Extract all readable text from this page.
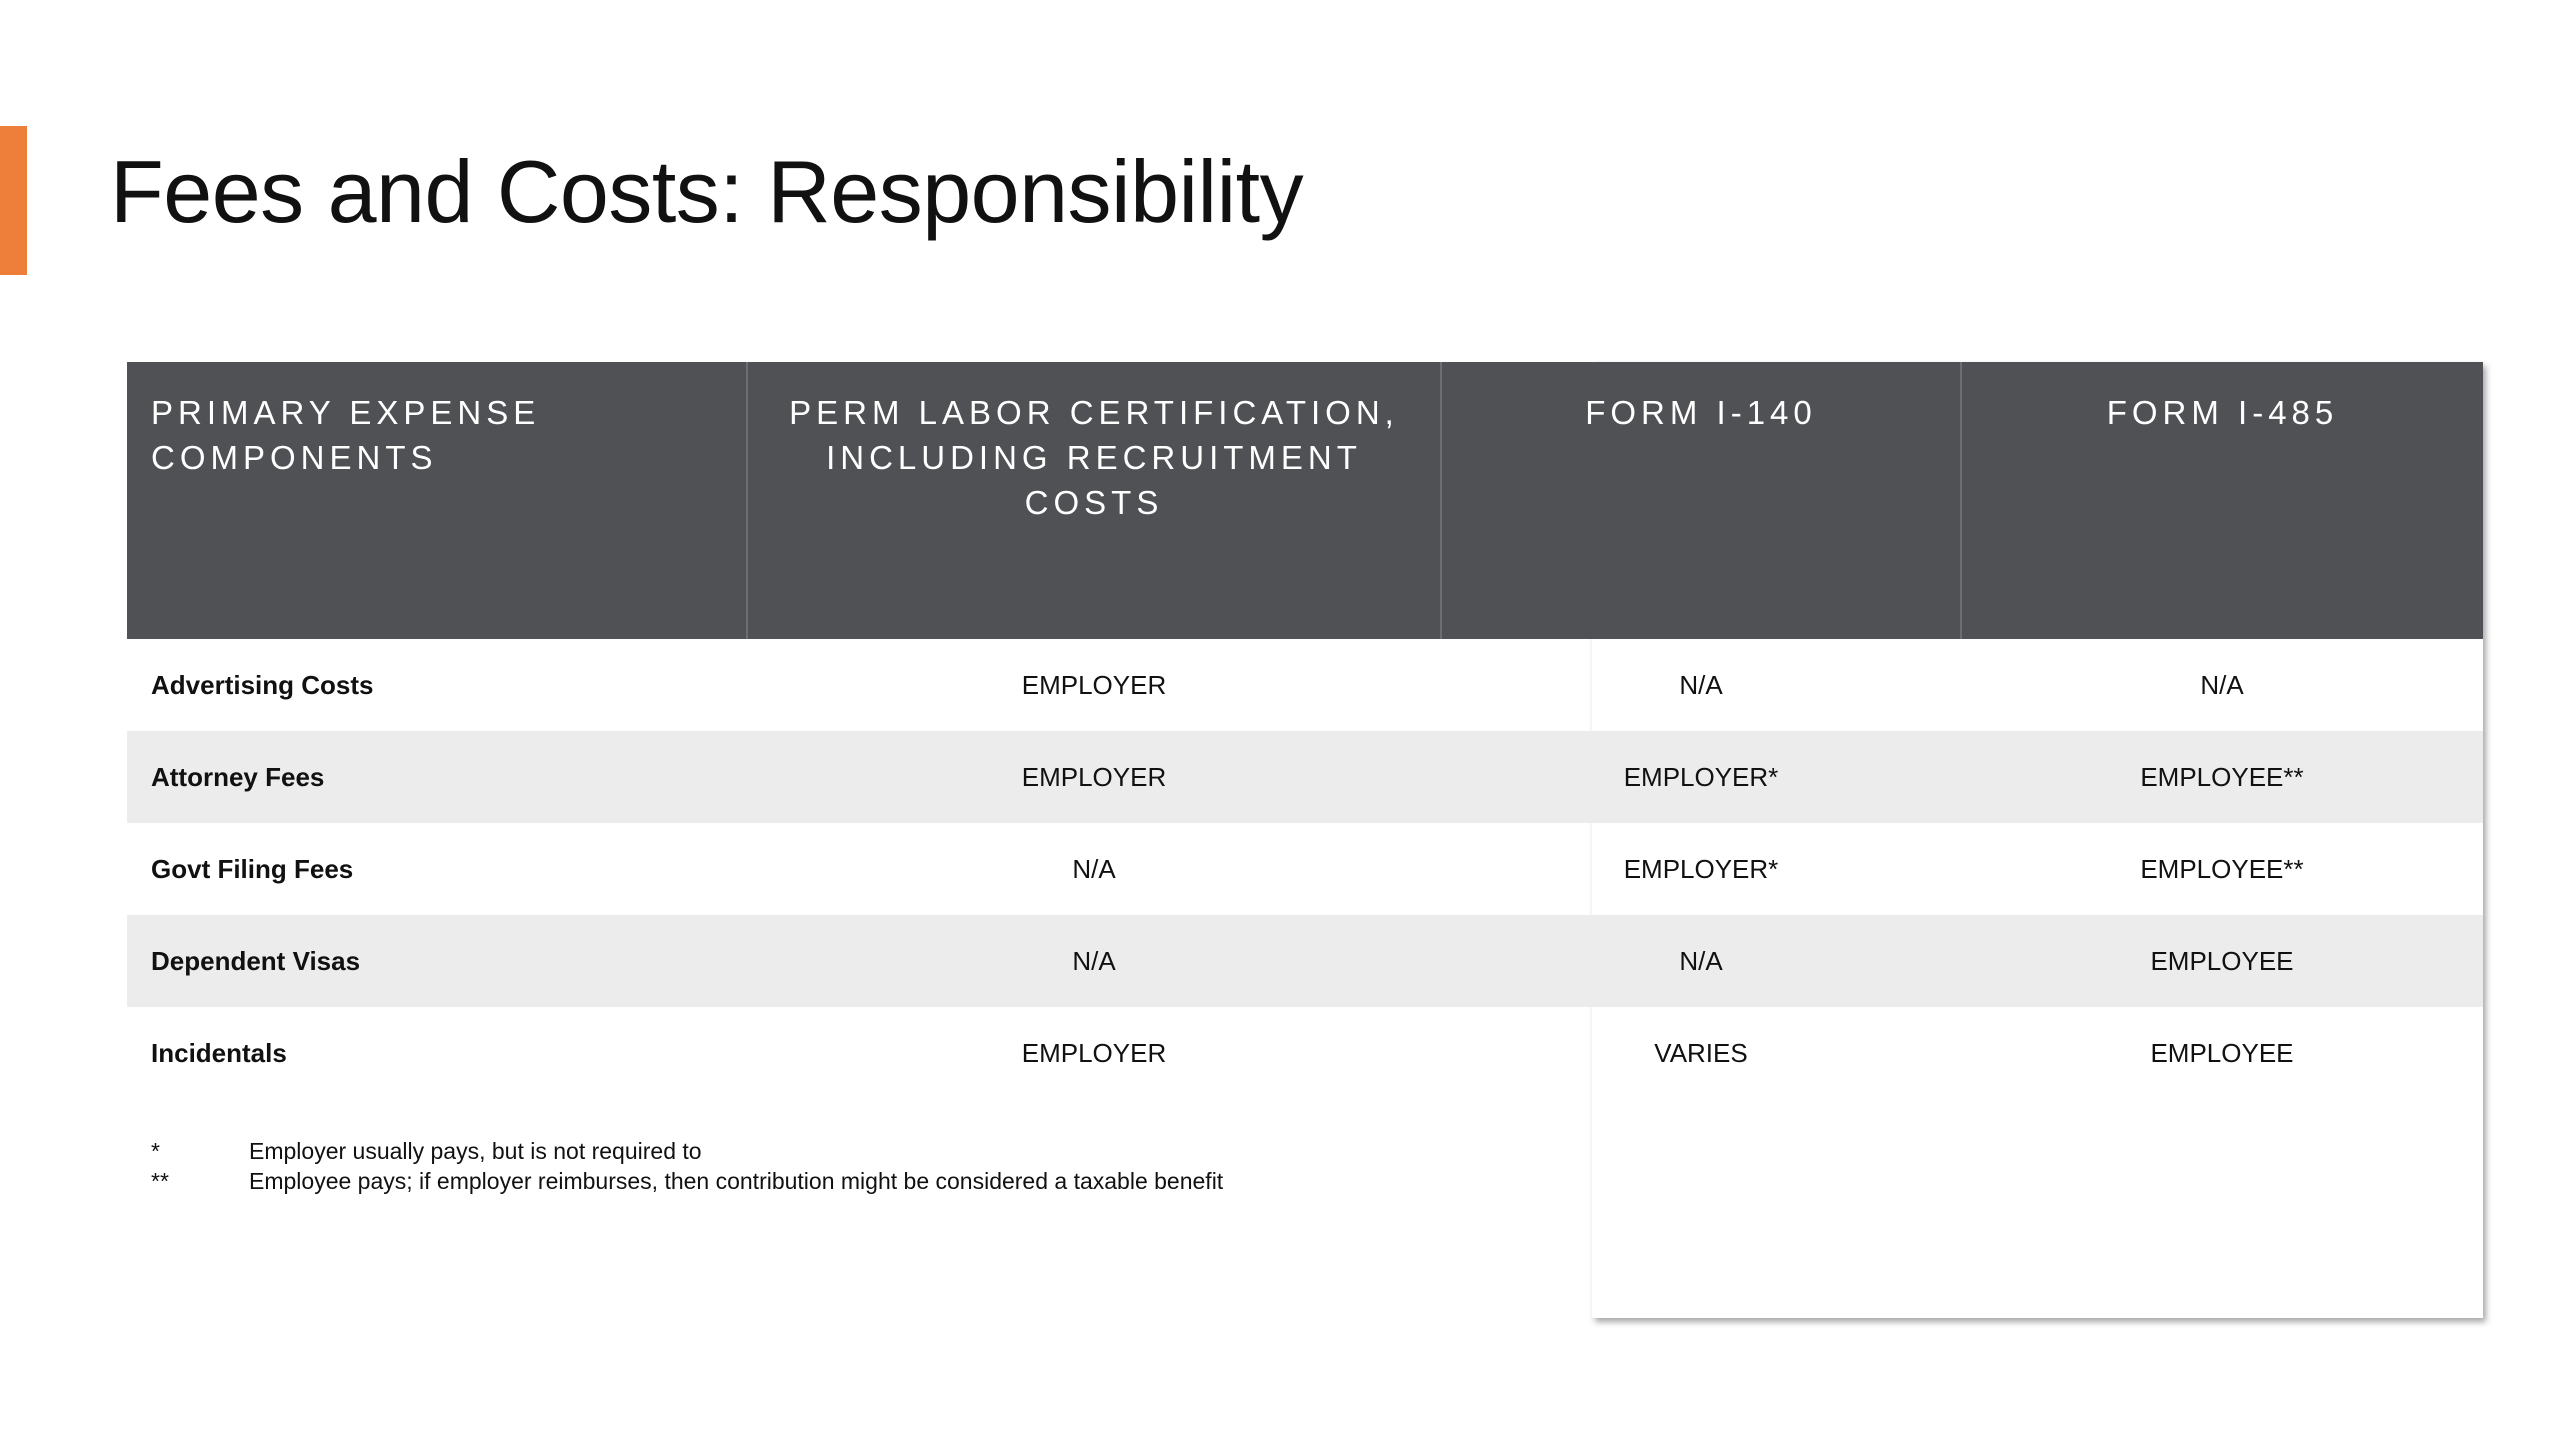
Fees and Costs: Responsibility
PRIMARY EXPENSE COMPONENTS	PERM LABOR CERTIFICATION, INCLUDING RECRUITMENT COSTS	FORM I-140	FORM I-485
Advertising Costs	EMPLOYER	N/A	N/A
Attorney Fees	EMPLOYER	EMPLOYER*	EMPLOYEE**
Govt Filing Fees	N/A	EMPLOYER*	EMPLOYEE**
Dependent Visas	N/A	N/A	EMPLOYEE
Incidentals	EMPLOYER	VARIES	EMPLOYEE
*	Employer usually pays, but is not required to
**	Employee pays; if employer reimburses, then contribution might be considered a taxable benefit
